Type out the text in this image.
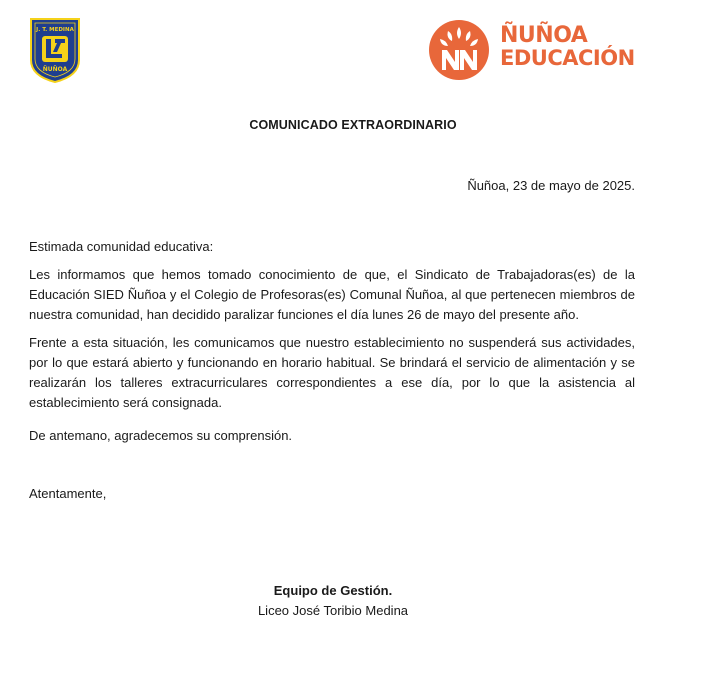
J. T. MEDINA
ÑUÑOA
ÑUÑOA
EDUCACIÓN
COMUNICADO EXTRAORDINARIO
Ñuñoa, 23 de mayo de 2025.

Estimada comunidad educativa:

Les informamos que hemos tomado conocimiento de que, el Sindicato de Trabajadoras(es) de la Educación SIED Ñuñoa y el Colegio de Profesoras(es) Comunal Ñuñoa, al que pertenecen miembros de nuestra comunidad, han decidido paralizar funciones el día lunes 26 de mayo del presente año.

Frente a esta situación, les comunicamos que nuestro establecimiento no suspenderá sus actividades, por lo que estará abierto y funcionando en horario habitual. Se brindará el servicio de alimentación y se realizarán los talleres extracurriculares correspondientes a ese día, por lo que la asistencia al establecimiento será consignada.

De antemano, agradecemos su comprensión.

Atentamente,

Equipo de Gestión.
Liceo José Toribio Medina
